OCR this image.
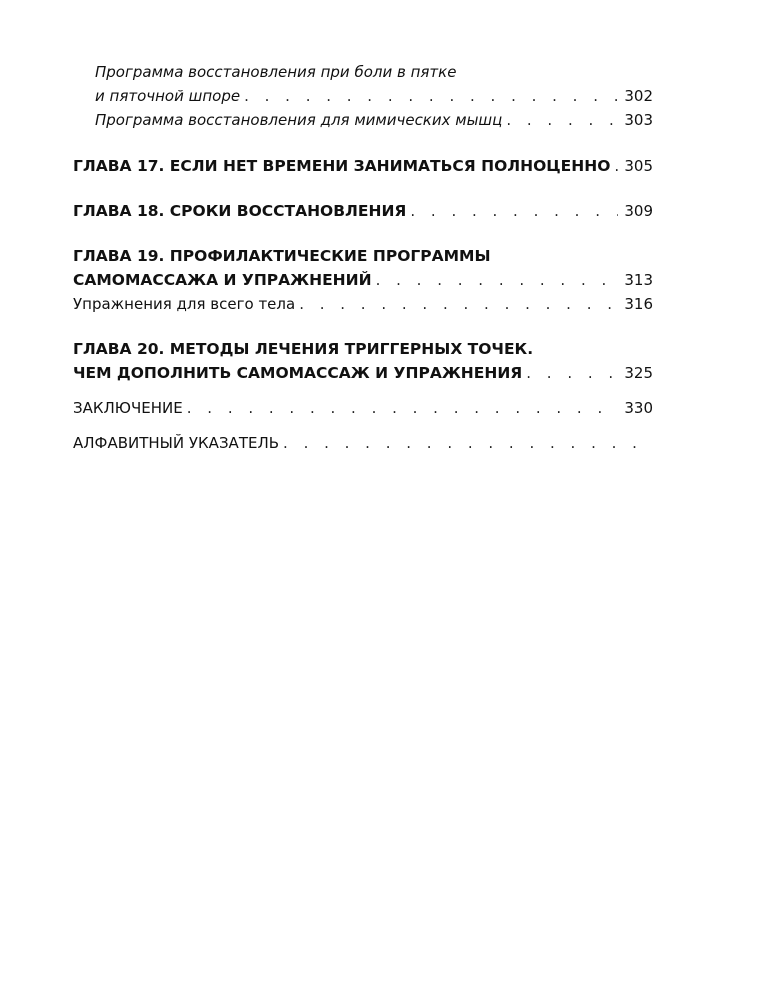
Программа восстановления при боли в пятке
и пяточной шпоре . . .	302
Программа восстановления для мимических мышц . . .	303
ГЛАВА 17. ЕСЛИ НЕТ ВРЕМЕНИ ЗАНИМАТЬСЯ ПОЛНОЦЕННО . . . 305
ГЛАВА 18. СРОКИ ВОССТАНОВЛЕНИЯ . . .	309
ГЛАВА 19. ПРОФИЛАКТИЧЕСКИЕ ПРОГРАММЫ
САМОМАССАЖА И УПРАЖНЕНИЙ . . .	313
Упражнения для всего тела . . .	316
ГЛАВА 20. МЕТОДЫ ЛЕЧЕНИЯ ТРИГГЕРНЫХ ТОЧЕК.
ЧЕМ ДОПОЛНИТЬ САМОМАССАЖ И УПРАЖНЕНИЯ . . .	325
ЗАКЛЮЧЕНИЕ . . .	330
АЛФАВИТНЫЙ УКАЗАТЕЛЬ
. . .
